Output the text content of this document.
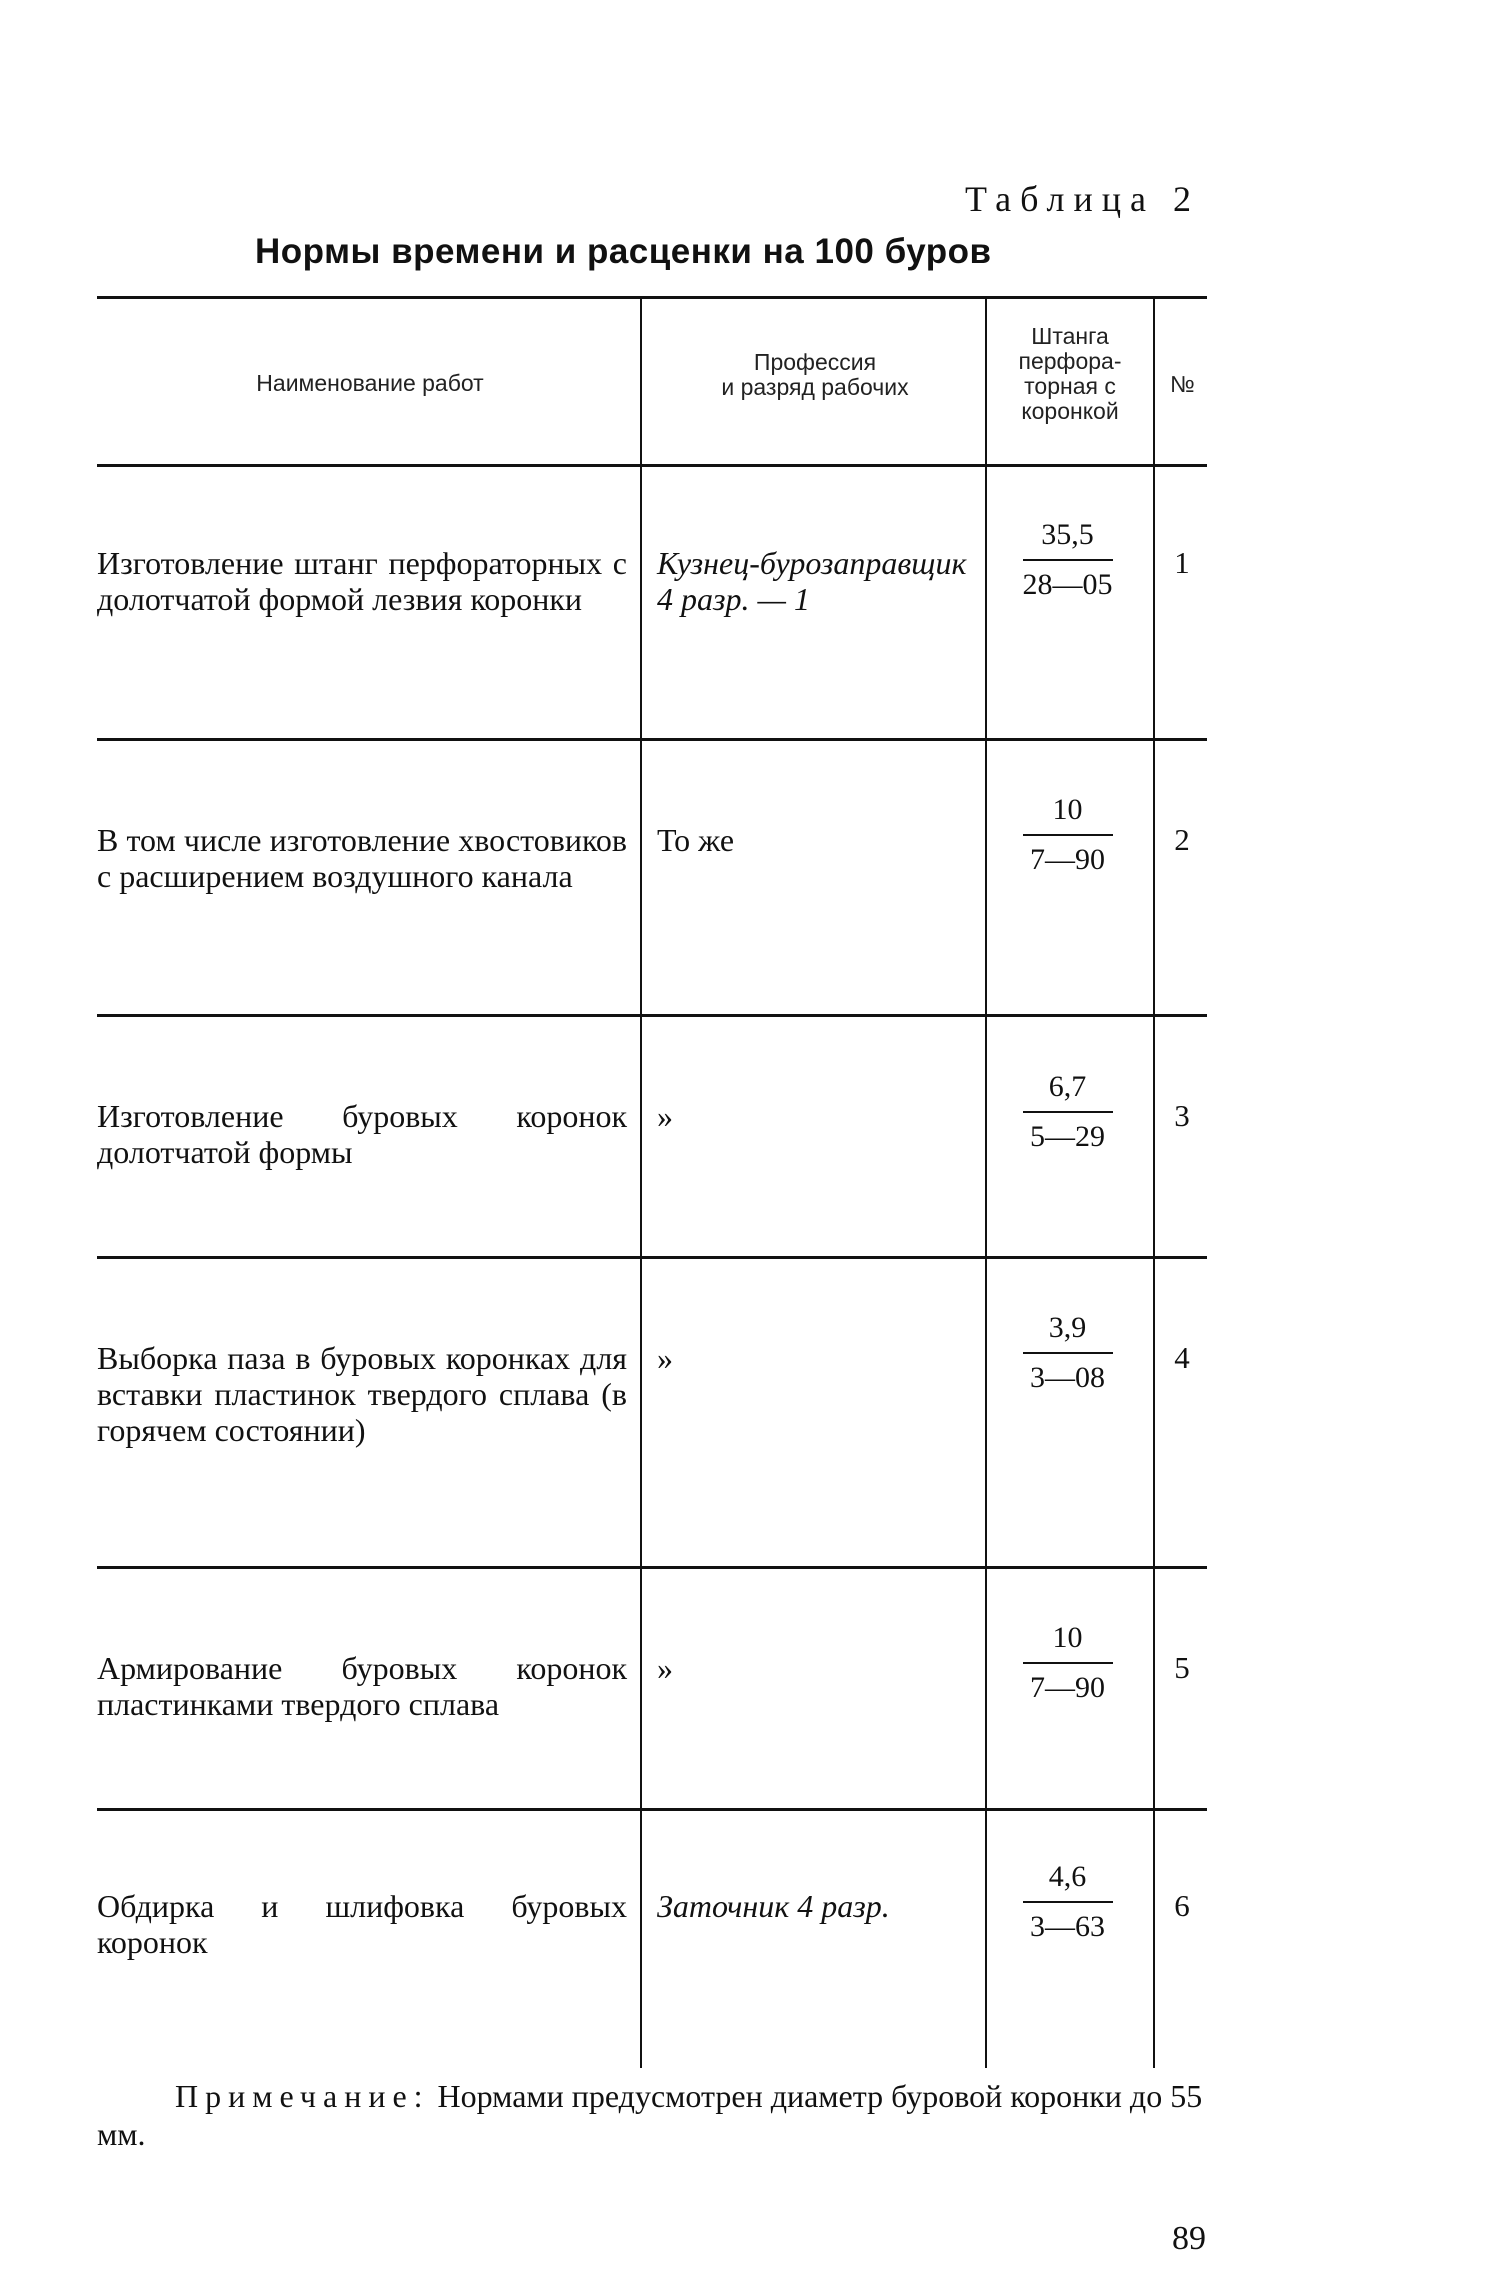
Таблица 2
Нормы времени и расценки на 100 буров
Наименование работ
Профессия
и разряд рабочих
Штанга
перфора-
торная с
коронкой
№
Изготовление штанг перфораторных с долотчатой формой лезвия коронки
Кузнец-бурозаправщик 4 разр. — 1
35,5
28—05
1
В том числе изготовление хвостовиков с расширением воздушного канала
То же
10
7—90
2
Изготовление буровых коронок долотчатой формы
»
6,7
5—29
3
Выборка паза в буровых коронках для вставки пластинок твердого сплава (в горячем состоянии)
»
3,9
3—08
4
Армирование буровых коронок пластинками твердого сплава
»
10
7—90
5
Обдирка и шлифовка буровых коронок
Заточник 4 разр.
4,6
3—63
6
Примечание: Нормами предусмотрен диаметр буровой коронки до 55 мм.
89
